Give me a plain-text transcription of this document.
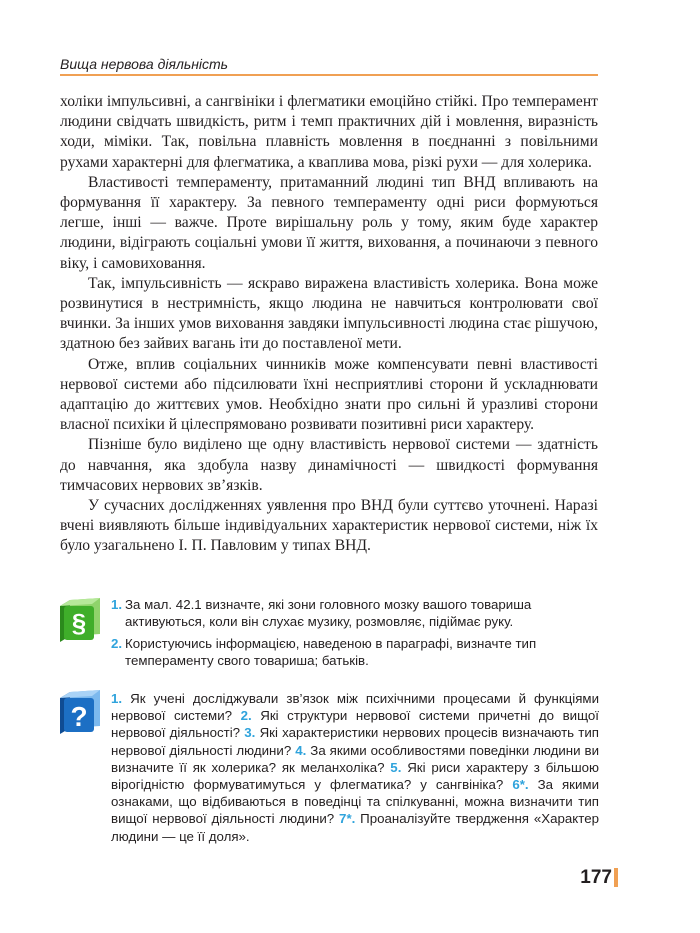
Вища нервова діяльність

холіки імпульсивні, а сангвініки і флегматики емоційно стійкі. Про темперамент людини свідчать швидкість, ритм і темп практичних дій і мовлення, виразність ходи, міміки. Так, повільна плавність мовлення в поєднанні з повільними рухами характерні для флегматика, а квaплива мова, різкі рухи — для холерика.

Властивості темпераменту, притаманний людині тип ВНД впливають на формування її характеру. За певного темпераменту одні риси формуються легше, інші — важче. Проте вирішальну роль у тому, яким буде характер людини, відіграють соціальні умови її життя, виховання, а починаючи з певного віку, і самовиховання.

Так, імпульсивність — яскраво виражена властивість холерика. Вона може розвинутися в нестримність, якщо людина не навчиться контролювати свої вчинки. За інших умов виховання завдяки імпульсивності людина стає рішучою, здатною без зайвих вагань іти до поставленої мети.

Отже, вплив соціальних чинників може компенсувати певні властивості нервової системи або підсилювати їхні несприятливі сторони й ускладнювати адаптацію до життєвих умов. Необхідно знати про сильні й уразливі сторони власної психіки й цілеспрямовано розвивати позитивні риси характеру.

Пізніше було виділено ще одну властивість нервової системи — здатність до навчання, яка здобула назву динамічності — швидкості формування тимчасових нервових зв’язків.

У сучасних дослідженнях уявлення про ВНД були суттєво уточнені. Наразі вчені виявляють більше індивідуальних характеристик нервової системи, ніж їх було узагальнено І. П. Павловим у типах ВНД.

§
1. За мал. 42.1 визначте, які зони головного мозку вашого товариша активуються, коли він слухає музику, розмовляє, підіймає руку.
2. Користуючись інформацією, наведеною в параграфі, визначте тип темпераменту свого товариша; батьків.
?
1. Як учені досліджували зв’язок між психічними процесами й функціями нервової системи? 2. Які структури нервової системи причетні до вищої нервової діяльності? 3. Які характеристики нервових процесів визначають тип нервової діяльності людини? 4. За якими особливостями поведінки людини ви визначите її як холерика? як меланхоліка? 5. Які риси характеру з більшою вірогідністю формуватимуться у флегматика? у сангвініка? 6*. За якими ознаками, що відбиваються в поведінці та спілкуванні, можна визначити тип вищої нервової діяльності людини? 7*. Проаналізуйте твердження «Характер людини — це її доля».
177
